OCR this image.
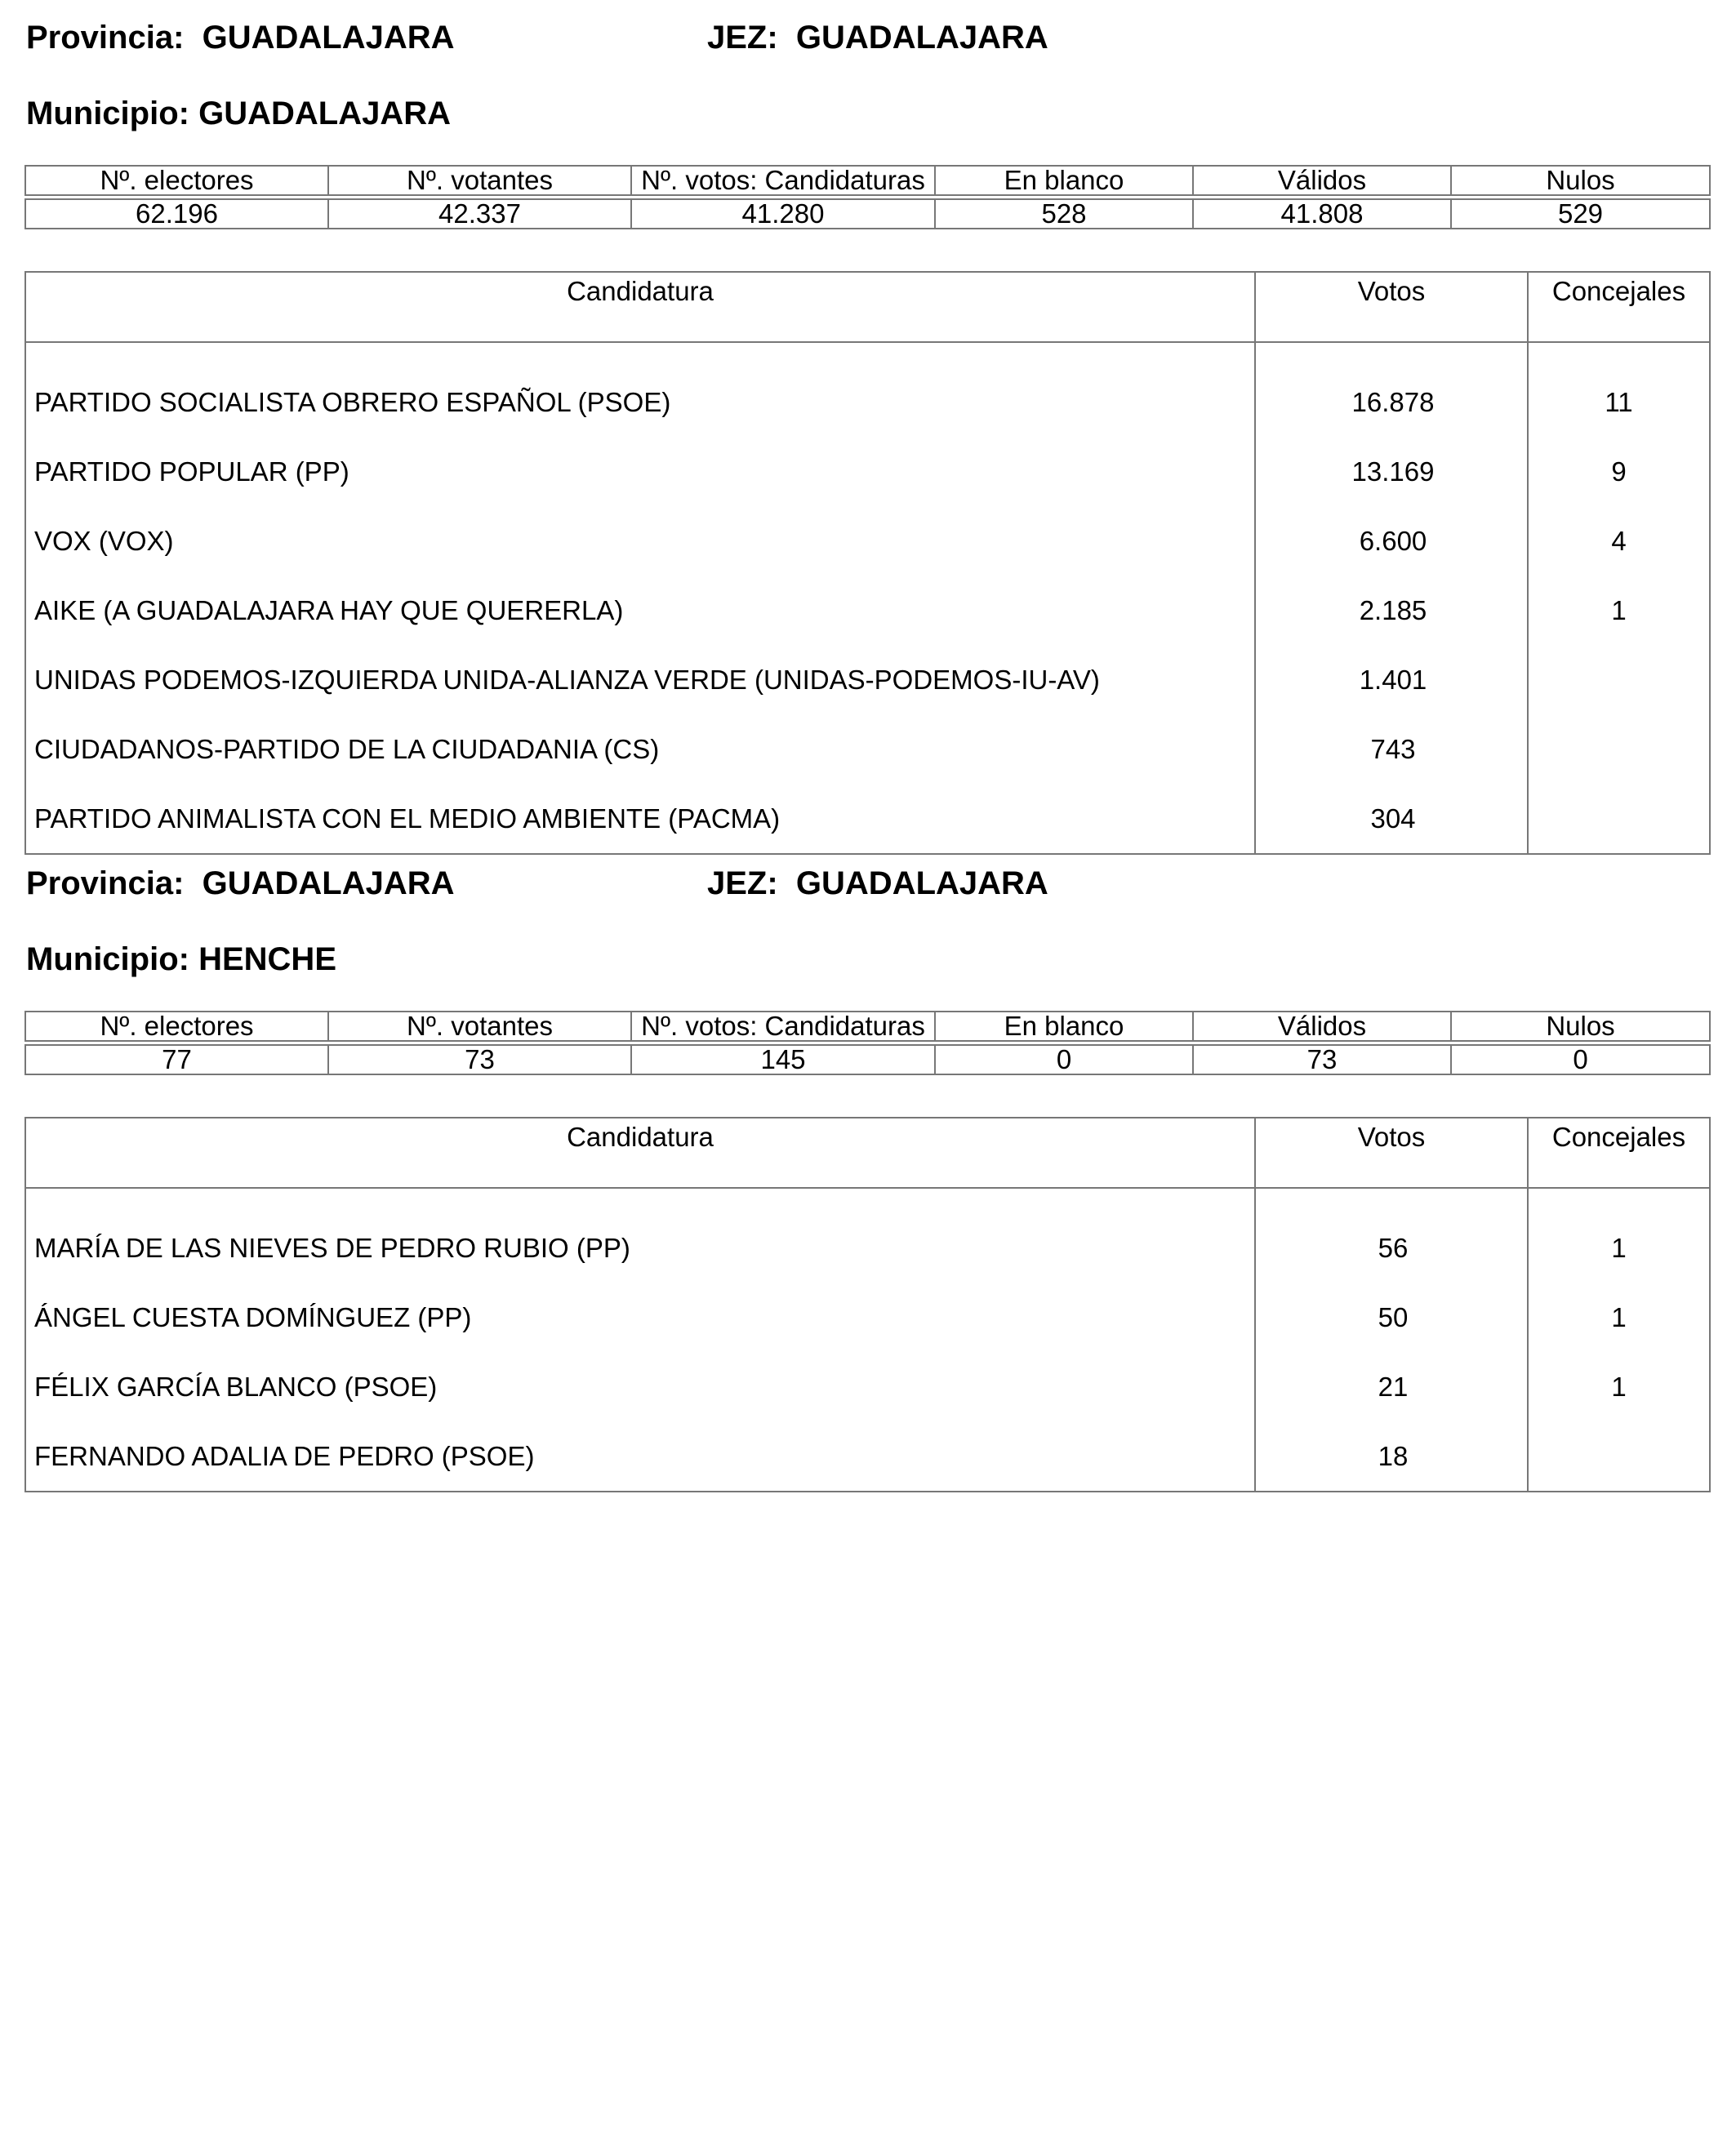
Provincia: GUADALAJARA	JEZ: GUADALAJARA
Municipio: GUADALAJARA
Nº. electores	Nº. votantes	Nº. votos: Candidaturas	En blanco	Válidos	Nulos

62.196	42.337	41.280	528	41.808	529
Candidatura	Votos	Concejales
PARTIDO SOCIALISTA OBRERO ESPAÑOL (PSOE)	16.878	11
PARTIDO POPULAR (PP)	13.169	9
VOX (VOX)	6.600	4
AIKE (A GUADALAJARA HAY QUE QUERERLA)	2.185	1
UNIDAS PODEMOS-IZQUIERDA UNIDA-ALIANZA VERDE (UNIDAS-PODEMOS-IU-AV)	1.401	
CIUDADANOS-PARTIDO DE LA CIUDADANIA (CS)	743	
PARTIDO ANIMALISTA CON EL MEDIO AMBIENTE (PACMA)	304	
Provincia: GUADALAJARA	JEZ: GUADALAJARA
Municipio: HENCHE
Nº. electores	Nº. votantes	Nº. votos: Candidaturas	En blanco	Válidos	Nulos

77	73	145	0	73	0
Candidatura	Votos	Concejales
MARÍA DE LAS NIEVES DE PEDRO RUBIO (PP)	56	1
ÁNGEL CUESTA DOMÍNGUEZ (PP)	50	1
FÉLIX GARCÍA BLANCO (PSOE)	21	1
FERNANDO ADALIA DE PEDRO (PSOE)	18	
